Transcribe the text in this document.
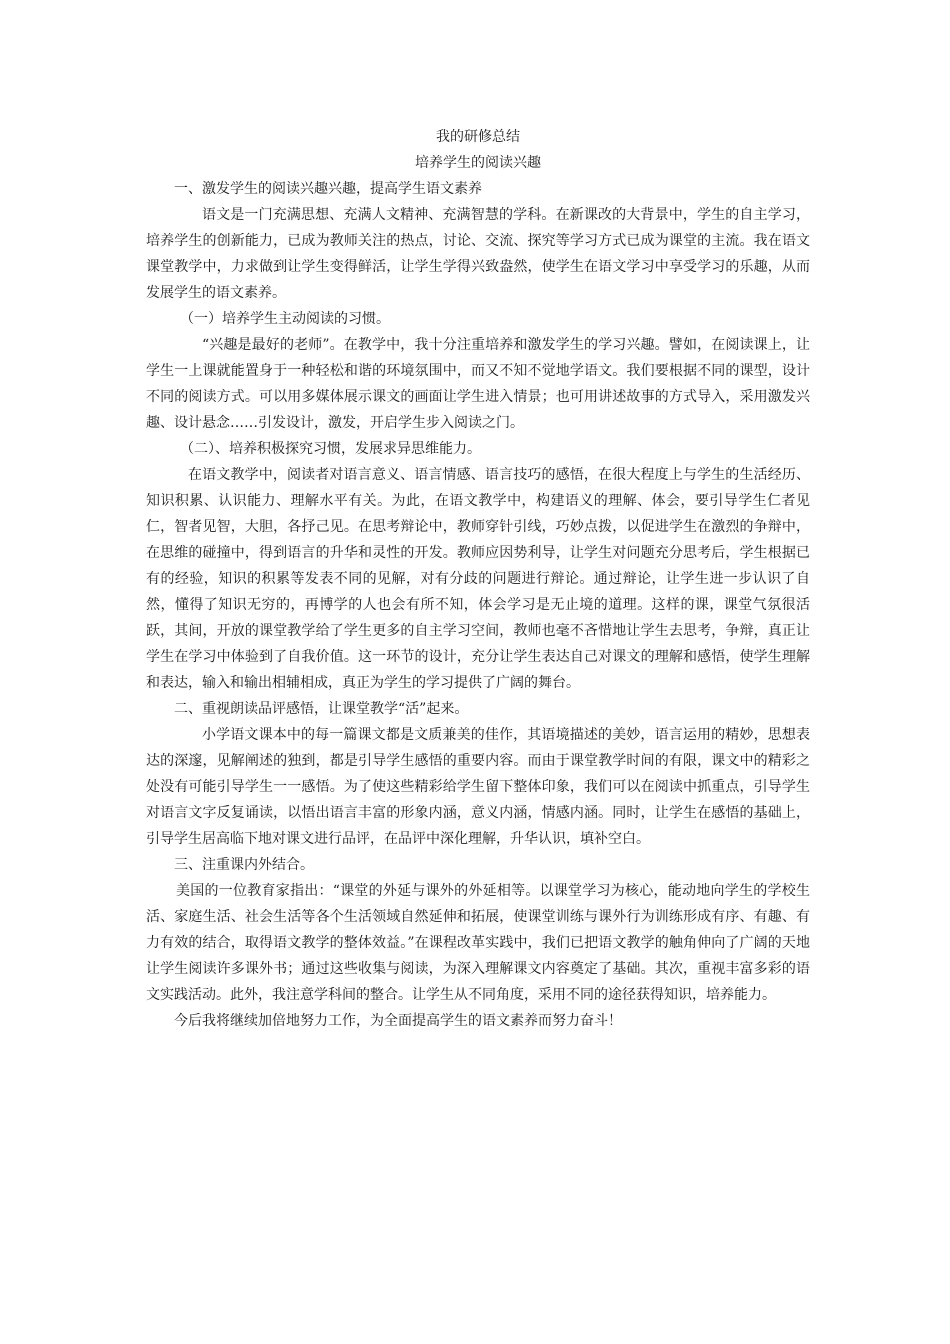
我的研修总结

培养学生的阅读兴趣

一、激发学生的阅读兴趣兴趣，提高学生语文素养

语文是一门充满思想、充满人文精神、充满智慧的学科。在新课改的大背景中，学生的自主学习，培养学生的创新能力，已成为教师关注的热点，讨论、交流、探究等学习方式已成为课堂的主流。我在语文课堂教学中，力求做到让学生变得鲜活，让学生学得兴致盎然，使学生在语文学习中享受学习的乐趣，从而发展学生的语文素养。

（一）培养学生主动阅读的习惯。

“兴趣是最好的老师”。在教学中，我十分注重培养和激发学生的学习兴趣。譬如，在阅读课上，让学生一上课就能置身于一种轻松和谐的环境氛围中，而又不知不觉地学语文。我们要根据不同的课型，设计不同的阅读方式。可以用多媒体展示课文的画面让学生进入情景；也可用讲述故事的方式导入，采用激发兴趣、设计悬念……引发设计，激发，开启学生步入阅读之门。

（二）、培养积极探究习惯，发展求异思维能力。

在语文教学中，阅读者对语言意义、语言情感、语言技巧的感悟，在很大程度上与学生的生活经历、知识积累、认识能力、理解水平有关。为此，在语文教学中，构建语义的理解、体会，要引导学生仁者见仁，智者见智，大胆，各抒己见。在思考辩论中，教师穿针引线，巧妙点拨，以促进学生在激烈的争辩中，在思维的碰撞中，得到语言的升华和灵性的开发。教师应因势利导，让学生对问题充分思考后，学生根据已有的经验，知识的积累等发表不同的见解，对有分歧的问题进行辩论。通过辩论，让学生进一步认识了自然，懂得了知识无穷的，再博学的人也会有所不知，体会学习是无止境的道理。这样的课，课堂气氛很活跃，其间，开放的课堂教学给了学生更多的自主学习空间，教师也毫不吝惜地让学生去思考，争辩，真正让学生在学习中体验到了自我价值。这一环节的设计，充分让学生表达自己对课文的理解和感悟，使学生理解和表达，输入和输出相辅相成，真正为学生的学习提供了广阔的舞台。

二、重视朗读品评感悟，让课堂教学“活”起来。

小学语文课本中的每一篇课文都是文质兼美的佳作，其语境描述的美妙，语言运用的精妙，思想表达的深邃，见解阐述的独到，都是引导学生感悟的重要内容。而由于课堂教学时间的有限，课文中的精彩之处没有可能引导学生一一感悟。为了使这些精彩给学生留下整体印象，我们可以在阅读中抓重点，引导学生对语言文字反复诵读，以悟出语言丰富的形象内涵，意义内涵，情感内涵。同时，让学生在感悟的基础上，引导学生居高临下地对课文进行品评，在品评中深化理解，升华认识，填补空白。

三、注重课内外结合。

美国的一位教育家指出：“课堂的外延与课外的外延相等。以课堂学习为核心，能动地向学生的学校生活、家庭生活、社会生活等各个生活领域自然延伸和拓展，使课堂训练与课外行为训练形成有序、有趣、有力有效的结合，取得语文教学的整体效益。”在课程改革实践中，我们已把语文教学的触角伸向了广阔的天地让学生阅读许多课外书；通过这些收集与阅读，为深入理解课文内容奠定了基础。其次，重视丰富多彩的语文实践活动。此外，我注意学科间的整合。让学生从不同角度，采用不同的途径获得知识，培养能力。

今后我将继续加倍地努力工作，为全面提高学生的语文素养而努力奋斗！
